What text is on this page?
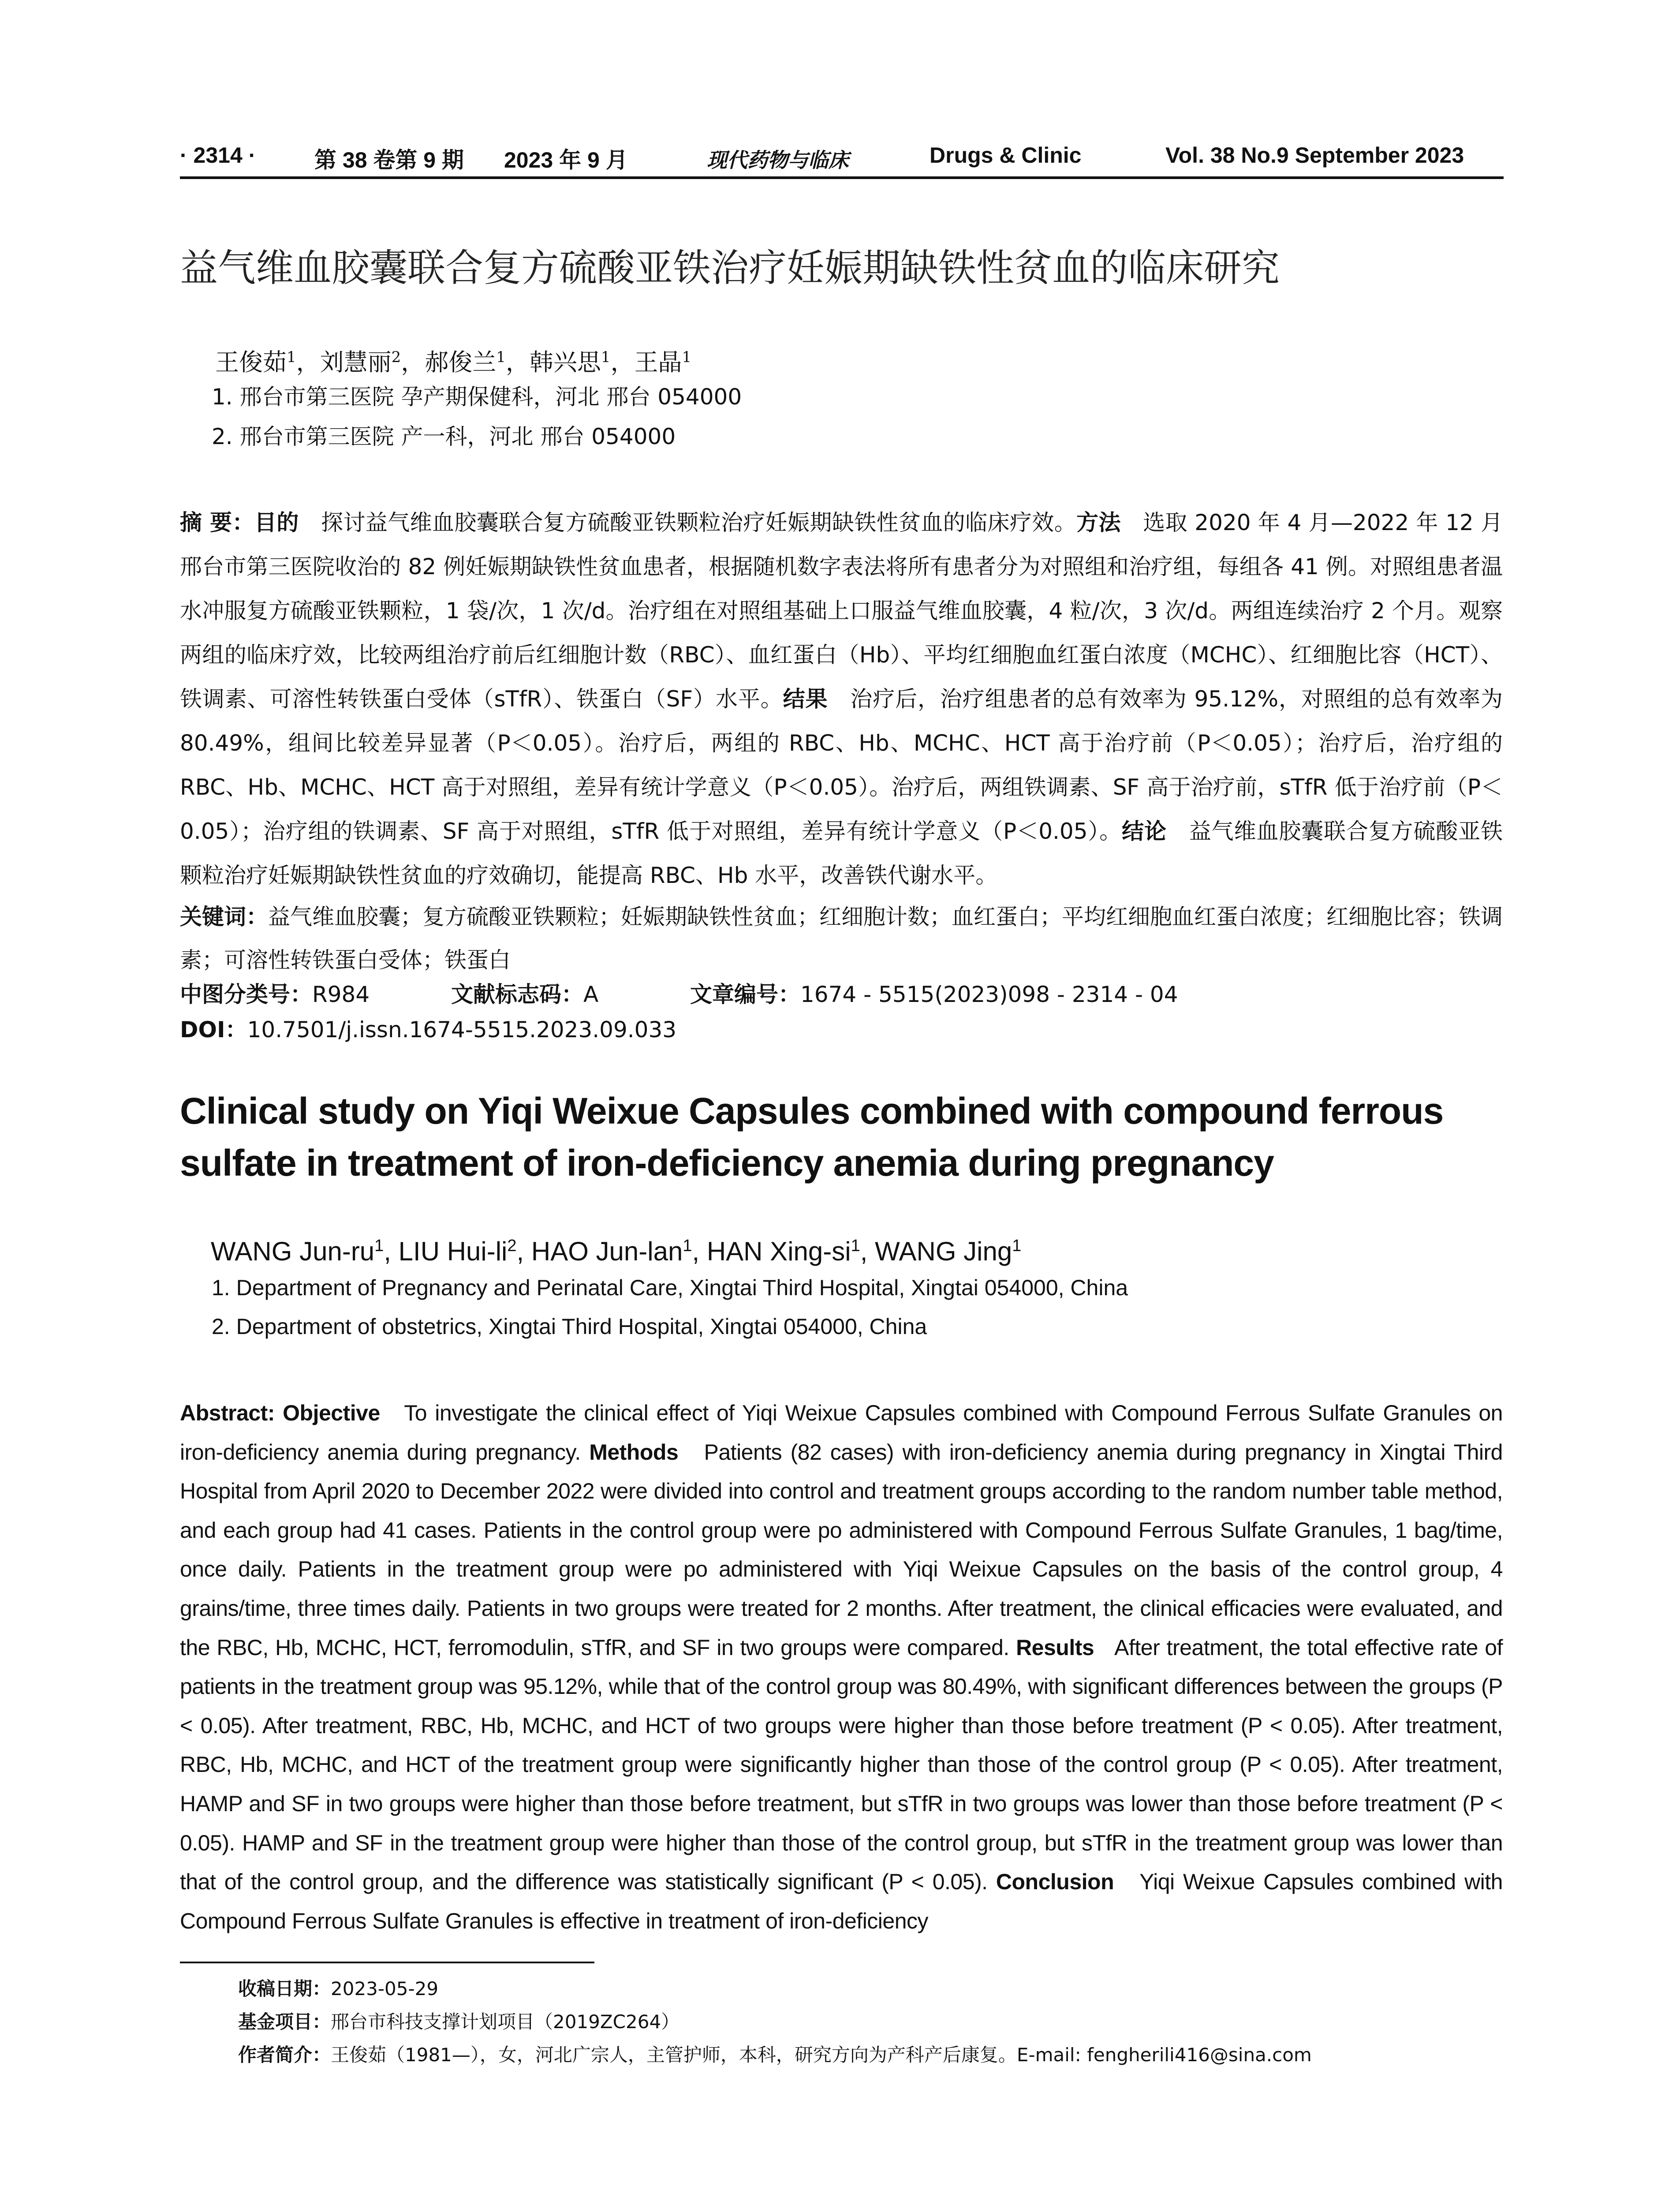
· 2314 ·	第 38 卷第 9 期 2023 年 9 月	现代药物与临床	Drugs & Clinic	Vol. 38 No.9 September 2023
益气维血胶囊联合复方硫酸亚铁治疗妊娠期缺铁性贫血的临床研究
王俊茹$^1$，刘慧丽$^2$，郝俊兰$^1$，韩兴思$^1$，王晶$^1$
1. 邢台市第三医院 孕产期保健科，河北 邢台 054000
2. 邢台市第三医院 产一科，河北 邢台 054000
摘 要：目的  探讨益气维血胶囊联合复方硫酸亚铁颗粒治疗妊娠期缺铁性贫血的临床疗效。方法  选取 2020 年 4 月—2022 年 12 月邢台市第三医院收治的 82 例妊娠期缺铁性贫血患者，根据随机数字表法将所有患者分为对照组和治疗组，每组各 41 例。对照组患者温水冲服复方硫酸亚铁颗粒，1 袋/次，1 次/d。治疗组在对照组基础上口服益气维血胶囊，4 粒/次，3 次/d。两组连续治疗 2 个月。观察两组的临床疗效，比较两组治疗前后红细胞计数（RBC）、血红蛋白（Hb）、平均红细胞血红蛋白浓度（MCHC）、红细胞比容（HCT）、铁调素、可溶性转铁蛋白受体（sTfR）、铁蛋白（SF）水平。结果  治疗后，治疗组患者的总有效率为 95.12%，对照组的总有效率为 80.49%，组间比较差异显著（P＜0.05）。治疗后，两组的 RBC、Hb、MCHC、HCT 高于治疗前（P＜0.05）；治疗后，治疗组的 RBC、Hb、MCHC、HCT 高于对照组，差异有统计学意义（P＜0.05）。治疗后，两组铁调素、SF 高于治疗前，sTfR 低于治疗前（P＜0.05）；治疗组的铁调素、SF 高于对照组，sTfR 低于对照组，差异有统计学意义（P＜0.05）。结论  益气维血胶囊联合复方硫酸亚铁颗粒治疗妊娠期缺铁性贫血的疗效确切，能提高 RBC、Hb 水平，改善铁代谢水平。
关键词：益气维血胶囊；复方硫酸亚铁颗粒；妊娠期缺铁性贫血；红细胞计数；血红蛋白；平均红细胞血红蛋白浓度；红细胞比容；铁调素；可溶性转铁蛋白受体；铁蛋白
中图分类号：R984	文献标志码：A	文章编号：1674 - 5515(2023)098 - 2314 - 04
DOI：10.7501/j.issn.1674-5515.2023.09.033
Clinical study on Yiqi Weixue Capsules combined with compound ferrous sulfate in treatment of iron-deficiency anemia during pregnancy
WANG Jun-$ru^1$, LIU Hui-$li^2$, HAO Jun-lan$^1$, HAN Xing-$si^1$, WANG Jing$^1$
1. Department of Pregnancy and Perinatal Care, Xingtai Third Hospital, Xingtai 054000, China
2. Department of obstetrics, Xingtai Third Hospital, Xingtai 054000, China
Abstract: Objective To investigate the clinical effect of Yiqi Weixue Capsules combined with Compound Ferrous Sulfate Granules on iron-deficiency anemia during pregnancy. Methods Patients (82 cases) with iron-deficiency anemia during pregnancy in Xingtai Third Hospital from April 2020 to December 2022 were divided into control and treatment groups according to the random number table method, and each group had 41 cases. Patients in the control group were po administered with Compound Ferrous Sulfate Granules, 1 bag/time, once daily. Patients in the treatment group were po administered with Yiqi Weixue Capsules on the basis of the control group, 4 grains/time, three times daily. Patients in two groups were treated for 2 months. After treatment, the clinical efficacies were evaluated, and the RBC, Hb, MCHC, HCT, ferromodulin, sTfR, and SF in two groups were compared. Results After treatment, the total effective rate of patients in the treatment group was 95.12%, while that of the control group was 80.49%, with significant differences between the groups (P < 0.05). After treatment, RBC, Hb, MCHC, and HCT of two groups were higher than those before treatment (P < 0.05). After treatment, RBC, Hb, MCHC, and HCT of the treatment group were significantly higher than those of the control group (P < 0.05). After treatment, HAMP and SF in two groups were higher than those before treatment, but sTfR in two groups was lower than those before treatment (P < 0.05). HAMP and SF in the treatment group were higher than those of the control group, but sTfR in the treatment group was lower than that of the control group, and the difference was statistically significant (P < 0.05). Conclusion Yiqi Weixue Capsules combined with Compound Ferrous Sulfate Granules is effective in treatment of iron-deficiency
收稿日期：2023-05-29
基金项目：邢台市科技支撑计划项目（2019ZC264）
作者简介：王俊茹（1981—），女，河北广宗人，主管护师，本科，研究方向为产科产后康复。E-mail: fengherili416@sina.com
